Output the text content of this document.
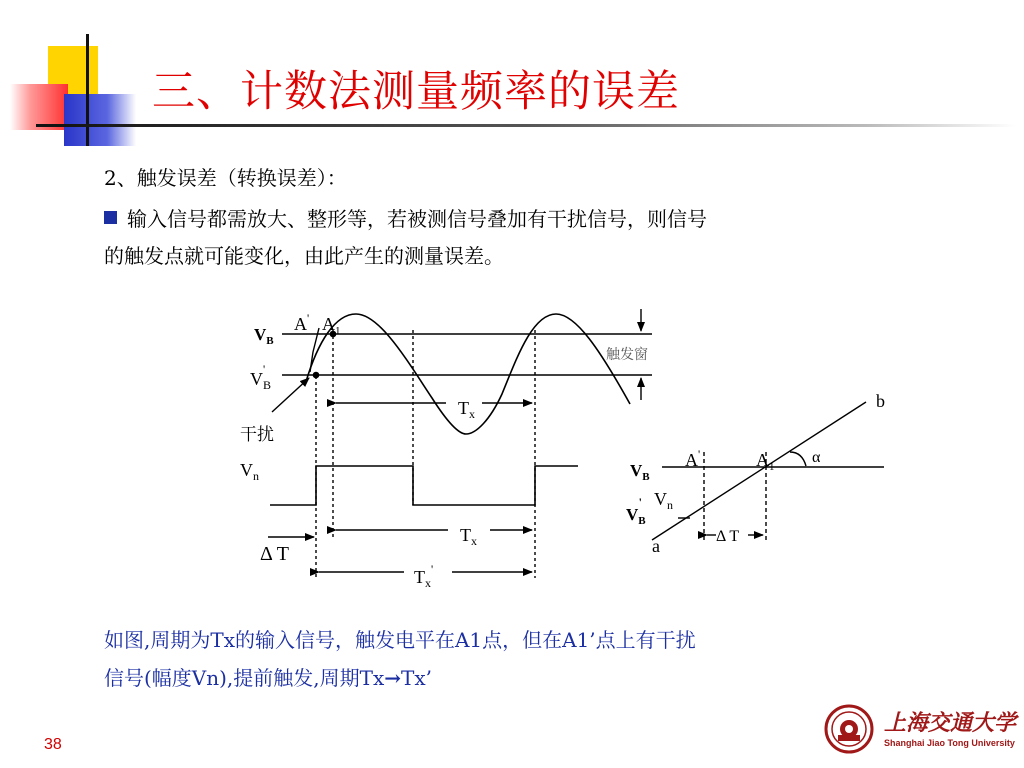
三、计数法测量频率的误差
2、触发误差（转换误差）：
输入信号都需放大、整形等，若被测信号叠加有干扰信号，则信号
的触发点就可能变化，由此产生的测量误差。
$V_B$
$V_B'$
A' $A_1$
触发窗
$T_x$
干扰
$V_n$
$T_x$
Δ T
$T_x'$
b
α
$V_B$
A'	$A_1$
$V_B'$ $V_n$
a	Δ T
如图,周期为Tx的输入信号，触发电平在A1点，但在A1’点上有干扰
信号(幅度Vn),提前触发,周期Tx→Tx’
38
上海交通大学
Shanghai Jiao Tong University
